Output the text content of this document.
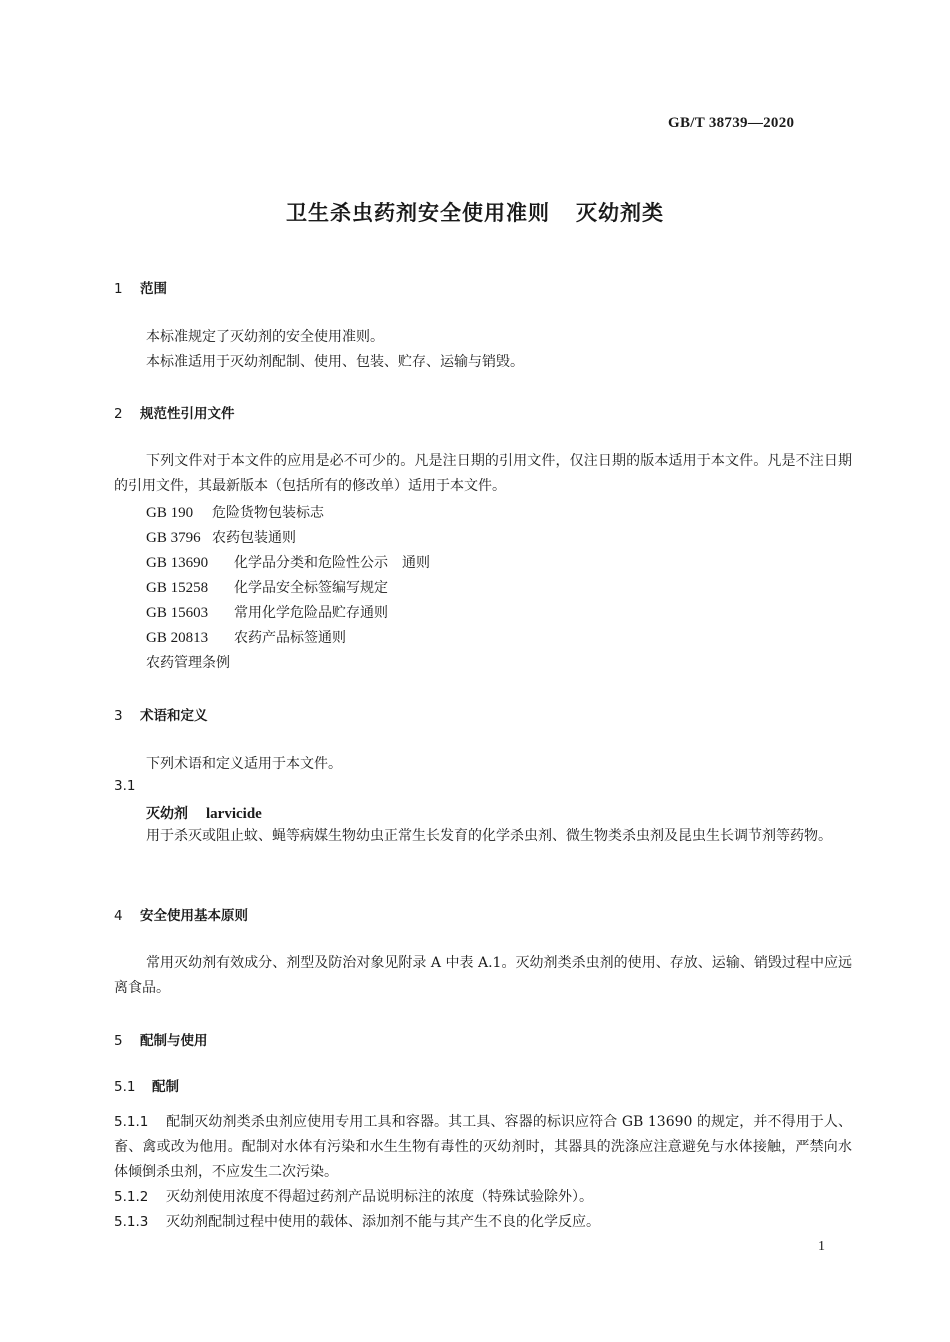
GB/T 38739—2020
卫生杀虫药剂安全使用准则 灭幼剂类
1 范围
本标准规定了灭幼剂的安全使用准则。
本标准适用于灭幼剂配制、使用、包装、贮存、运输与销毁。
2 规范性引用文件
下列文件对于本文件的应用是必不可少的。凡是注日期的引用文件，仅注日期的版本适用于本文件。凡是不注日期的引用文件，其最新版本（包括所有的修改单）适用于本文件。
GB 190 危险货物包装标志
GB 3796 农药包装通则
GB 13690 化学品分类和危险性公示　通则
GB 15258 化学品安全标签编写规定
GB 15603 常用化学危险品贮存通则
GB 20813 农药产品标签通则
农药管理条例
3 术语和定义
下列术语和定义适用于本文件。
3.1
灭幼剂 larvicide
用于杀灭或阻止蚊、蝇等病媒生物幼虫正常生长发育的化学杀虫剂、微生物类杀虫剂及昆虫生长调节剂等药物。
4 安全使用基本原则
常用灭幼剂有效成分、剂型及防治对象见附录 A 中表 A.1。灭幼剂类杀虫剂的使用、存放、运输、销毁过程中应远离食品。
5 配制与使用
5.1 配制
5.1.1 配制灭幼剂类杀虫剂应使用专用工具和容器。其工具、容器的标识应符合 GB 13690 的规定，并不得用于人、畜、禽或改为他用。配制对水体有污染和水生生物有毒性的灭幼剂时，其器具的洗涤应注意避免与水体接触，严禁向水体倾倒杀虫剂，不应发生二次污染。
5.1.2 灭幼剂使用浓度不得超过药剂产品说明标注的浓度（特殊试验除外）。
5.1.3 灭幼剂配制过程中使用的载体、添加剂不能与其产生不良的化学反应。
1
